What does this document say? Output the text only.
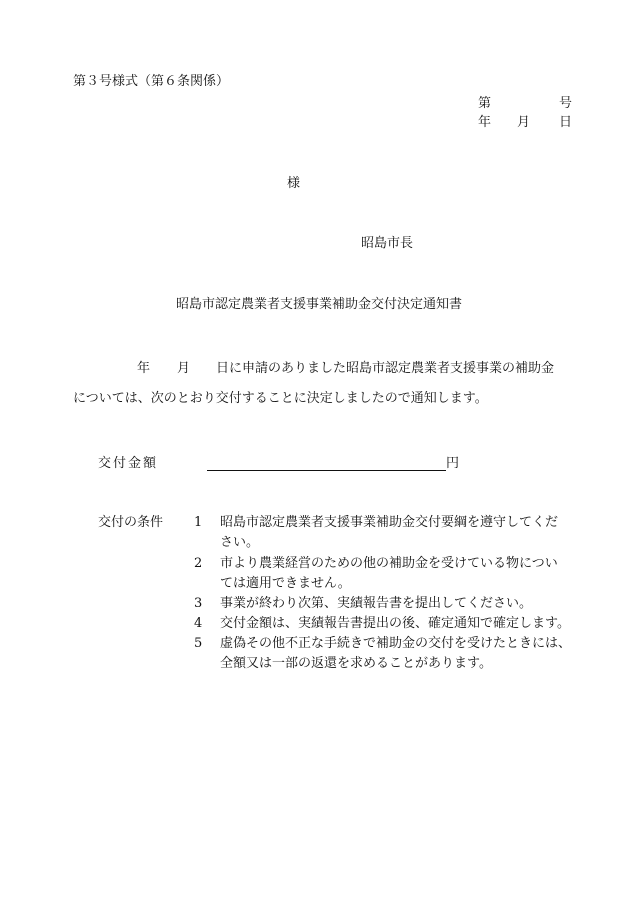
第３号様式（第６条関係）
第	号
年 月 日
様
昭島市長
昭島市認定農業者支援事業補助金交付決定通知書
年 月 日に申請のありました昭島市認定農業者支援事業の補助金
については、次のとおり交付することに決定しましたので通知します。
交付金額	円
交付の条件 1 昭島市認定農業者支援事業補助金交付要綱を遵守してくだ
さい。
2 市より農業経営のための他の補助金を受けている物につい
ては適用できません。
3 事業が終わり次第、実績報告書を提出してください。
4 交付金額は、実績報告書提出の後、確定通知で確定します。
5 虚偽その他不正な手続きで補助金の交付を受けたときには、
全額又は一部の返還を求めることがあります。
